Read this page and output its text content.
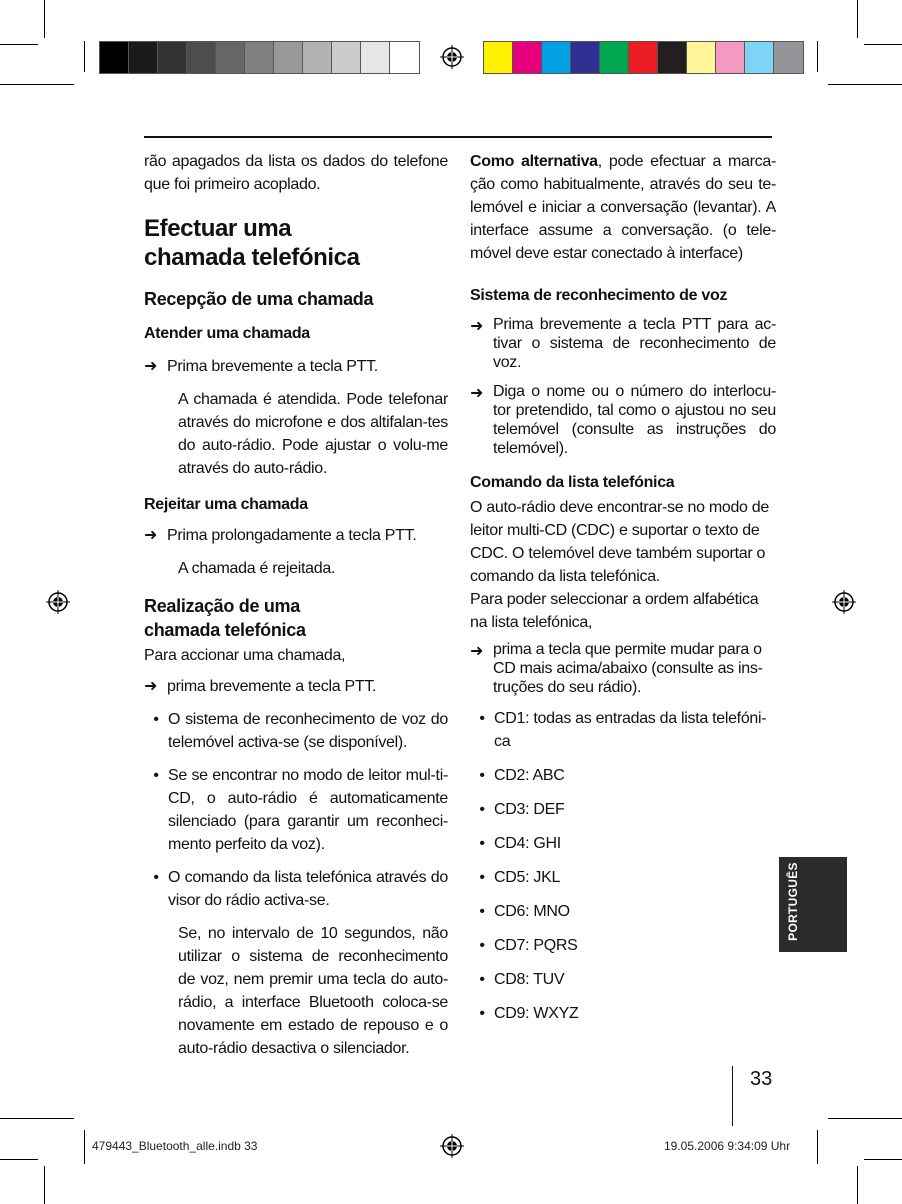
rão apagados da lista os dados do telefone que foi primeiro acoplado.

Efectuar uma chamada telefónica
Recepção de uma chamada
Atender uma chamada
➜ Prima brevemente a tecla PTT.

A chamada é atendida. Pode telefonar através do microfone e dos altifalan-tes do auto-rádio. Pode ajustar o volu-me através do auto-rádio.

Rejeitar uma chamada
➜ Prima prolongadamente a tecla PTT.

A chamada é rejeitada.

Realização de uma chamada telefónica

Para accionar uma chamada,

➜ prima brevemente a tecla PTT.
• O sistema de reconhecimento de voz do telemóvel activa-se (se disponível).
• Se se encontrar no modo de leitor mul-ti-CD, o auto-rádio é automaticamente silenciado (para garantir um reconheci-mento perfeito da voz).
• O comando da lista telefónica através do visor do rádio activa-se.

Se, no intervalo de 10 segundos, não utilizar o sistema de reconhecimento de voz, nem premir uma tecla do auto-rádio, a interface Bluetooth coloca-se novamente em estado de repouso e o auto-rádio desactiva o silenciador.

Como alternativa, pode efectuar a marca-ção como habitualmente, através do seu te-lemóvel e iniciar a conversação (levantar). A interface assume a conversação. (o tele-móvel deve estar conectado à interface)

Sistema de reconhecimento de voz
➜ Prima brevemente a tecla PTT para ac-tivar o sistema de reconhecimento de voz.
➜ Diga o nome ou o número do interlocu-tor pretendido, tal como o ajustou no seu telemóvel (consulte as instruções do telemóvel).
Comando da lista telefónica

O auto-rádio deve encontrar-se no modo de leitor multi-CD (CDC) e suportar o texto de CDC. O telemóvel deve também suportar o comando da lista telefónica.

Para poder seleccionar a ordem alfabética na lista telefónica,

➜ prima a tecla que permite mudar para o CD mais acima/abaixo (consulte as ins-truções do seu rádio).
• CD1: todas as entradas da lista telefóni-ca
• CD2: ABC
• CD3: DEF
• CD4: GHI
• CD5: JKL
• CD6: MNO
• CD7: PQRS
• CD8: TUV
• CD9: WXYZ
PORTUGUÊS
33
479443_Bluetooth_alle.indb 33	19.05.2006 9:34:09 Uhr
